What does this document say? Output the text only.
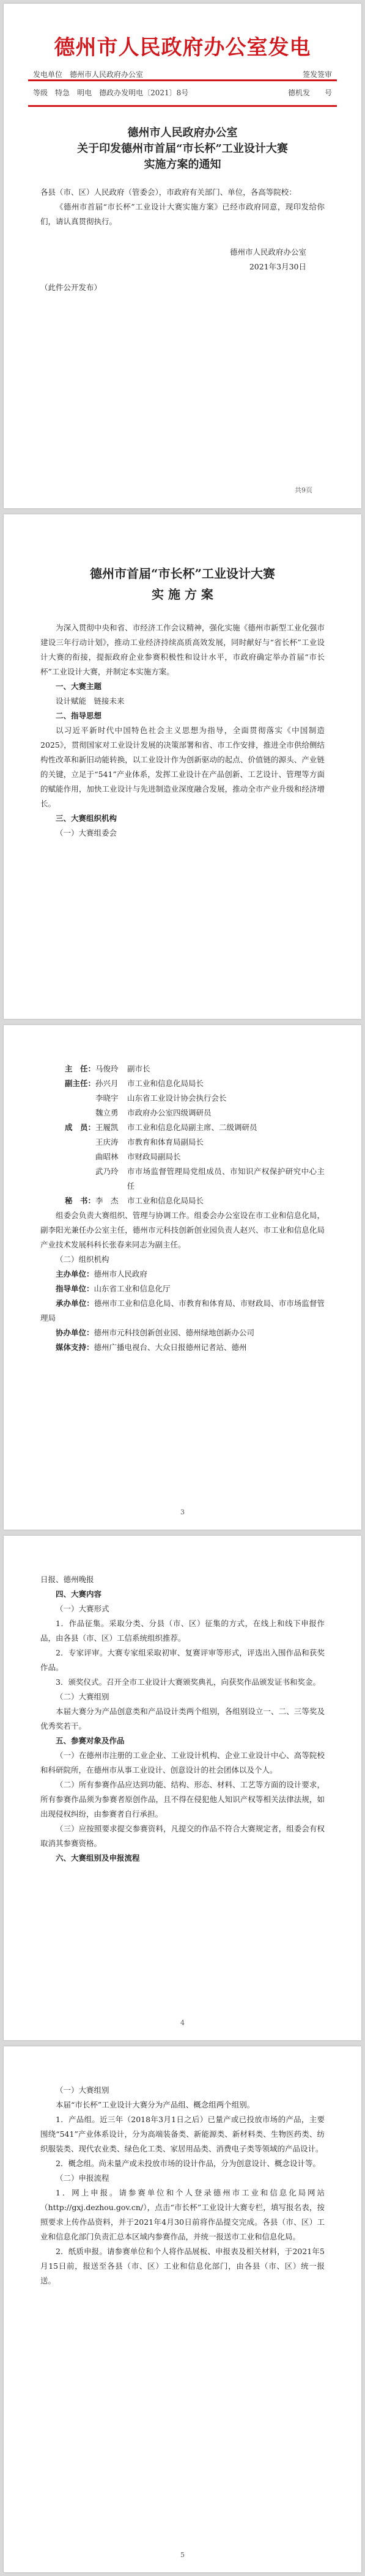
德州市人民政府办公室发电
发电单位　 德州市人民政府办公室	签发签审
等级　 特急　 明电　 德政办发明电〔2021〕8号	德机发　　 号
德州市人民政府办公室
关于印发德州市首届“市长杯”工业设计大赛
实施方案的通知
各县（市、区）人民政府（管委会），市政府有关部门、单位，各高等院校：
《德州市首届“市长杯”工业设计大赛实施方案》已经市政府同意，现印发给你们，请认真贯彻执行。
德州市人民政府办公室
2021年3月30日
（此件公开发布）
共9页
德州市首届“市长杯”工业设计大赛
实 施 方 案
为深入贯彻中央和省、市经济工作会议精神，强化实施《德州市新型工业化强市建设三年行动计划》，推动工业经济持续高质高效发展，同时献好与“省长杯”工业设计大赛的衔接，提振政府企业参赛积极性和设计水平，市政府确定举办首届“市长杯”工业设计大赛，并制定本实施方案。
一、大赛主题
设计赋能　链接未来
二、指导思想
以习近平新时代中国特色社会主义思想为指导，全面贯彻落实《中国制造2025》，贯彻国家对工业设计发展的决策部署和省、市工作安排，推进全市供给侧结构性改革和新旧动能转换，以工业设计作为创新驱动的起点、价值链的源头、产业链的关键，立足于“541”产业体系，发挥工业设计在产品创新、工艺设计、管理等方面的赋能作用，加快工业设计与先进制造业深度融合发展，推动全市产业升级和经济增长。
三、大赛组织机构
（一）大赛组委会
主　任： 马俊玲	副市长
副主任： 孙兴月	市工业和信息化局局长
李晓宇	山东省工业设计协会执行会长
魏立勇	市政府办公室四级调研员
成　员： 王履凯	市工业和信息化局副主席、二级调研员
王庆涛	市教育和体育局副局长
曲昭林	市财政局副局长
武乃玲	市市场监督管理局党组成员、市知识产权保护研究中心主任
秘　书： 李　杰	市工业和信息化局局长
组委会负责大赛组织、管理与协调工作。组委会办公室设在市工业和信息化局，副李阳光兼任办公室主任，德州市元科技创新创业园负责人赵兴、市工业和信息化局产业技术发展科科长张春来同志为副主任。
（二）组织机构
主办单位：德州市人民政府
指导单位：山东省工业和信息化厅
承办单位：德州市工业和信息化局、市教育和体育局、市财政局、市市场监督管理局
协办单位：德州市元科技创新创业园、德州绿地创新办公司
媒体支持：德州广播电视台、大众日报德州记者站、德州
3
日报、德州晚报
四、大赛内容
（一）大赛形式
1．作品征集。采取分类、分县（市、区）征集的方式，在线上和线下申报作品，由各县（市、区）工信系统组织推荐。
2．专家评审。大赛专家组采取初审、复赛评审等形式，评选出入围作品和获奖作品。
3．颁奖仪式。召开全市工业设计大赛颁奖典礼，向获奖作品颁发证书和奖金。
（二）大赛组别
本届大赛分为产品创意类和产品设计类两个组别，各组别设立一、二、三等奖及优秀奖若干。
五、参赛对象及作品
（一）在德州市注册的工业企业、工业设计机构、企业工业设计中心、高等院校和科研院所，在德州市从事工业设计、创意设计的社会团体以及个人。
（二）所有参赛作品应达到功能、结构、形态、材料、工艺等方面的设计要求，所有参赛作品须为参赛者原创作品，且不得在侵犯他人知识产权等相关法律法规，如出现侵权纠纷，由参赛者自行承担。
（三）应按照要求提交参赛资料，凡提交的作品不符合大赛规定者，组委会有权取消其参赛资格。
六、大赛组别及申报流程
4
（一）大赛组别
本届“市长杯”工业设计大赛分为产品组、概念组两个组别。
1．产品组。近三年（2018年3月1日之后）已量产或已投放市场的产品，主要围绕“541”产业体系设计，分为高端装备类、新能源类、新材料类、生物医药类、纺织服装类、现代农业类、绿色化工类、家居用品类、消费电子类等领域的产品设计。
2．概念组。尚未量产或未投放市场的设计作品，分为创意设计、概念设计等。
（二）申报流程
1．网上申报。请参赛单位和个人登录德州市工业和信息化局网站（http://gxj.dezhou.gov.cn/），点击“市长杯”工业设计大赛专栏，填写报名表，按照要求上传作品资料，并于2021年4月30日前将作品提交完成。各县（市、区）工业和信息化部门负责汇总本区域内参赛作品，并统一报送市工业和信息化局。
2．纸质申报。请参赛单位和个人将作品展板、申报表及相关材料，于2021年5月15日前，报送至各县（市、区）工业和信息化部门，由各县（市、区）统一报送。
5
